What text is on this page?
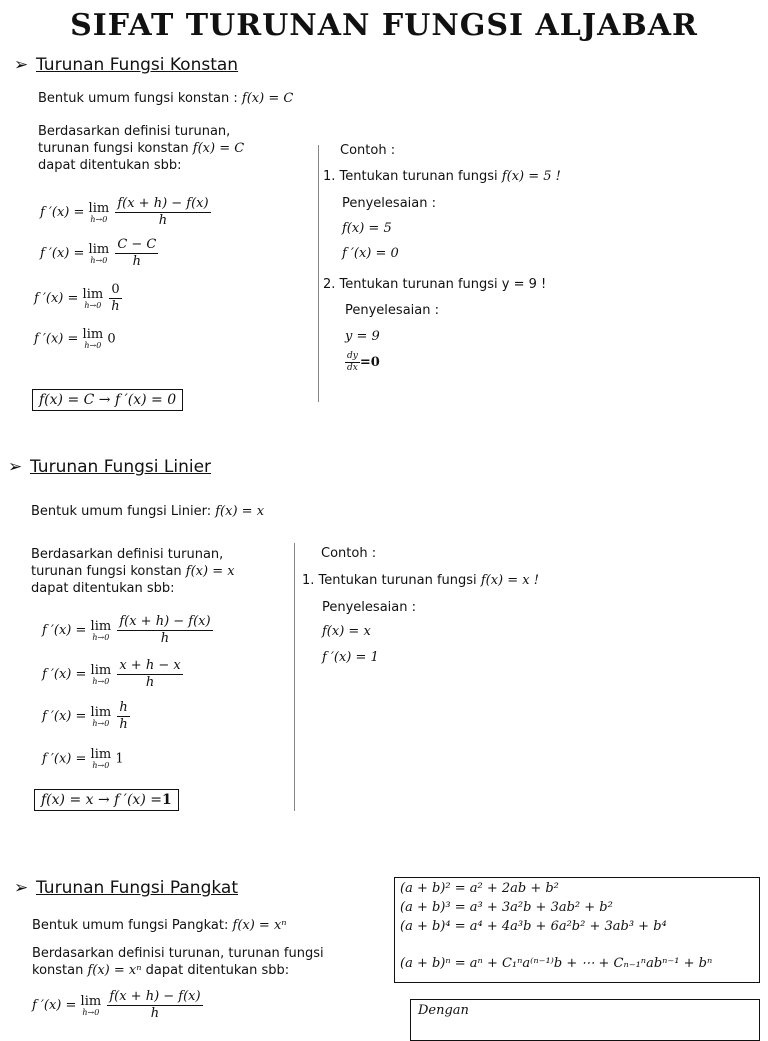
SIFAT TURUNAN FUNGSI ALJABAR
➢ Turunan Fungsi Konstan
Bentuk umum fungsi konstan : f(x) = C
Berdasarkan definisi turunan,
turunan fungsi konstan f(x) = C
dapat ditentukan sbb:
f ′(x) = lim
h→0
$\frac{f(x + h) - f(x)}{h}$
f ′(x) = lim
h→0
$\frac{C - C}{h}$
f ′(x) = lim
h→0
$\frac{0}{h}$
f ′(x) = lim
h→0 0
f(x) = C → f ′(x) = 0
Contoh :
1. Tentukan turunan fungsi f(x) = 5 !
Penyelesaian :
f(x) = 5
f ′(x) = 0
2. Tentukan turunan fungsi y = 9 !
Penyelesaian :
y = 9
$\frac{dy}{dx} =0$
➢ Turunan Fungsi Linier
Bentuk umum fungsi Linier: f(x) = x
Berdasarkan definisi turunan,
turunan fungsi konstan f(x) = x
dapat ditentukan sbb:
f ′(x) = lim
h→0
$\frac{f(x + h) - f(x)}{h}$
f ′(x) = lim
h→0
$\frac{x + h - x}{h}$
f ′(x) = lim
h→0
$\frac{h}{h}$
f ′(x) = lim
h→0 1
f(x) = x → f ′(x) =1
Contoh :
1. Tentukan turunan fungsi f(x) = x !
Penyelesaian :
f(x) = x
f ′(x) = 1
➢ Turunan Fungsi Pangkat
Bentuk umum fungsi Pangkat: f(x) = xⁿ
Berdasarkan definisi turunan, turunan fungsi
konstan f(x) = xⁿ dapat ditentukan sbb:
f ′(x) = lim
h→0
$\frac{f(x + h) - f(x)}{h}$
(a + b)² = a² + 2ab + b²
(a + b)³ = a³ + 3a²b + 3ab² + b²
(a + b)⁴ = a⁴ + 4a³b + 6a²b² + 3ab³ + b⁴
(a + b)ⁿ = aⁿ + C₁ⁿa⁽ⁿ⁻¹⁾b + ⋯ + Cₙ₋₁ⁿabⁿ⁻¹ + bⁿ
Dengan
